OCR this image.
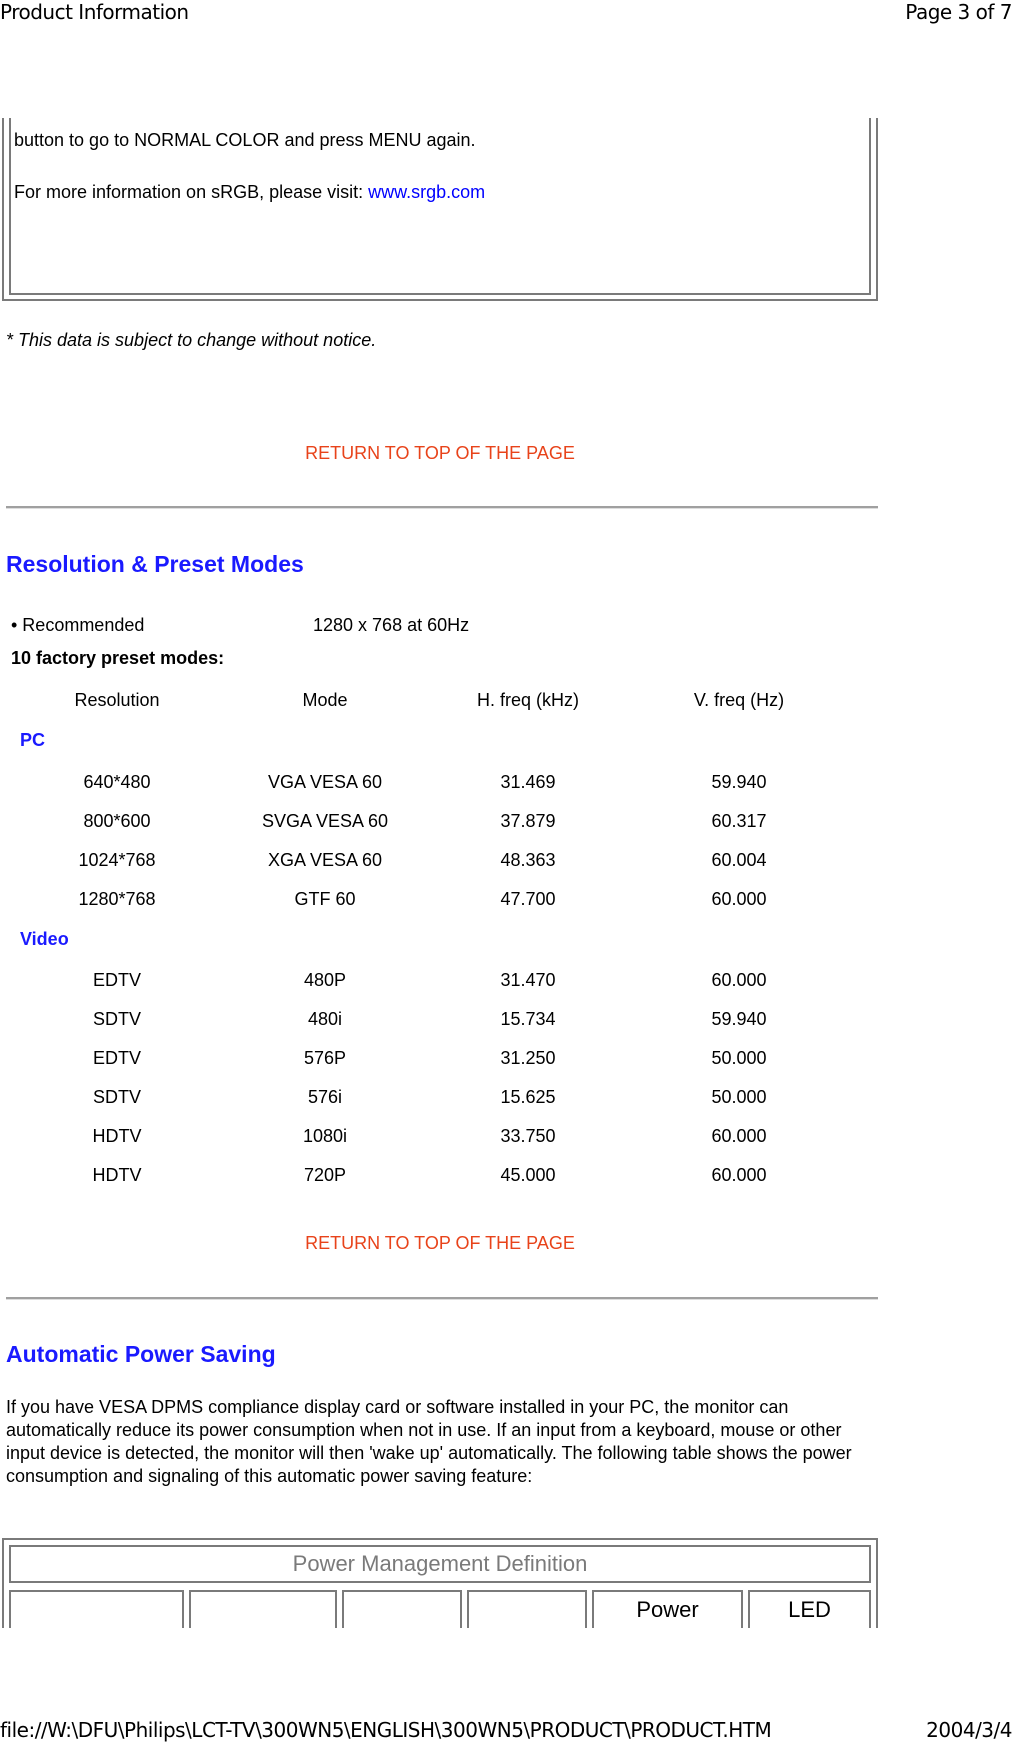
Product Information	Page 3 of 7
button to go to NORMAL COLOR and press MENU again.
For more information on sRGB, please visit: www.srgb.com
* This data is subject to change without notice.
RETURN TO TOP OF THE PAGE
Resolution & Preset Modes
• Recommended	1280 x 768 at 60Hz
10 factory preset modes:
Resolution	Mode	H. freq (kHz)	V. freq (Hz)
PC
640*480	VGA VESA 60	31.469	59.940
800*600	SVGA VESA 60	37.879	60.317
1024*768	XGA VESA 60	48.363	60.004
1280*768	GTF 60	47.700	60.000
Video
EDTV	480P	31.470	60.000
SDTV	480i	15.734	59.940
EDTV	576P	31.250	50.000
SDTV	576i	15.625	50.000
HDTV	1080i	33.750	60.000
HDTV	720P	45.000	60.000
RETURN TO TOP OF THE PAGE
Automatic Power Saving
If you have VESA DPMS compliance display card or software installed in your PC, the monitor can automatically reduce its power consumption when not in use. If an input from a keyboard, mouse or other input device is detected, the monitor will then 'wake up' automatically. The following table shows the power consumption and signaling of this automatic power saving feature:
Power Management Definition
Power	LED
file://W:\DFU\Philips\LCT-TV\300WN5\ENGLISH\300WN5\PRODUCT\PRODUCT.HTM	2004/3/4
